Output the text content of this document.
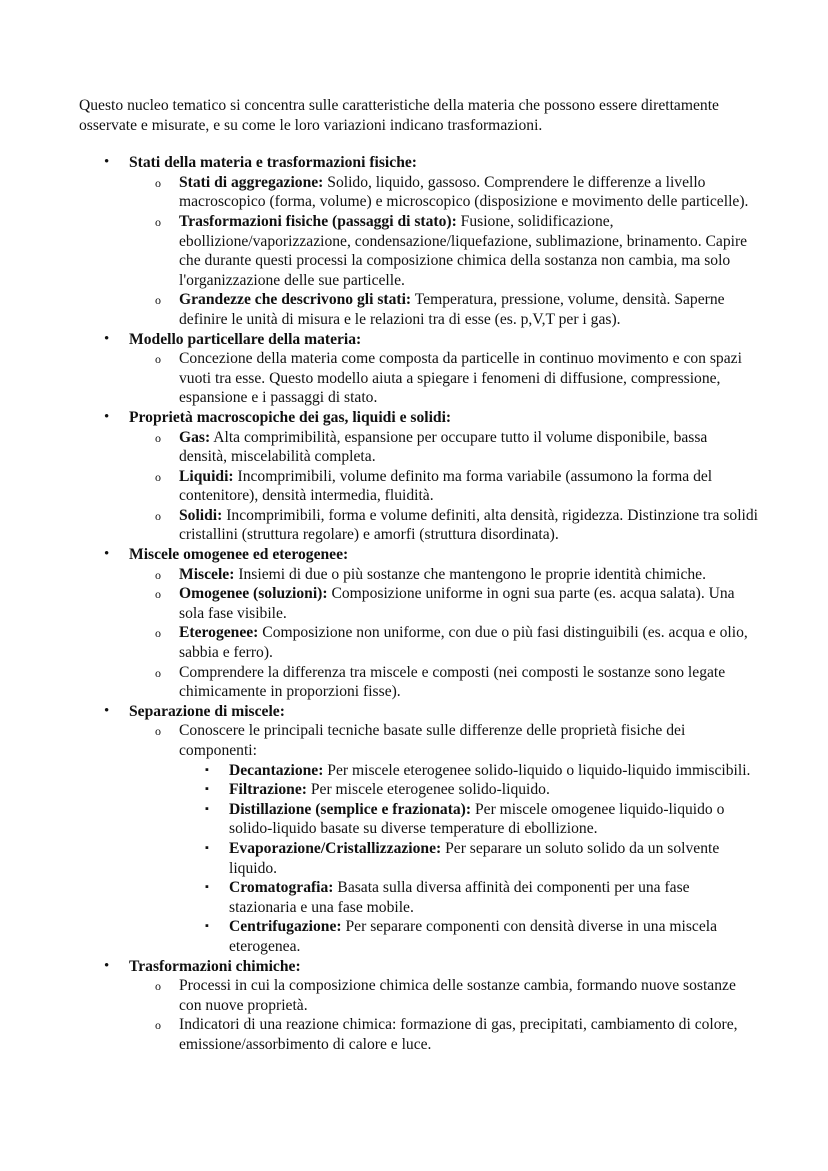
Questo nucleo tematico si concentra sulle caratteristiche della materia che possono essere direttamente osservate e misurate, e su come le loro variazioni indicano trasformazioni.

• Stati della materia e trasformazioni fisiche:
o Stati di aggregazione: Solido, liquido, gassoso. Comprendere le differenze a livello macroscopico (forma, volume) e microscopico (disposizione e movimento delle particelle).
o Trasformazioni fisiche (passaggi di stato): Fusione, solidificazione, ebollizione/vaporizzazione, condensazione/liquefazione, sublimazione, brinamento. Capire che durante questi processi la composizione chimica della sostanza non cambia, ma solo l'organizzazione delle sue particelle.
o Grandezze che descrivono gli stati: Temperatura, pressione, volume, densità. Saperne definire le unità di misura e le relazioni tra di esse (es. p,V,T per i gas).
• Modello particellare della materia:
o Concezione della materia come composta da particelle in continuo movimento e con spazi vuoti tra esse. Questo modello aiuta a spiegare i fenomeni di diffusione, compressione, espansione e i passaggi di stato.
• Proprietà macroscopiche dei gas, liquidi e solidi:
o Gas: Alta comprimibilità, espansione per occupare tutto il volume disponibile, bassa densità, miscelabilità completa.
o Liquidi: Incomprimibili, volume definito ma forma variabile (assumono la forma del contenitore), densità intermedia, fluidità.
o Solidi: Incomprimibili, forma e volume definiti, alta densità, rigidezza. Distinzione tra solidi cristallini (struttura regolare) e amorfi (struttura disordinata).
• Miscele omogenee ed eterogenee:
o Miscele: Insiemi di due o più sostanze che mantengono le proprie identità chimiche.
o Omogenee (soluzioni): Composizione uniforme in ogni sua parte (es. acqua salata). Una sola fase visibile.
o Eterogenee: Composizione non uniforme, con due o più fasi distinguibili (es. acqua e olio, sabbia e ferro).
o Comprendere la differenza tra miscele e composti (nei composti le sostanze sono legate chimicamente in proporzioni fisse).
• Separazione di miscele:
o Conoscere le principali tecniche basate sulle differenze delle proprietà fisiche dei componenti:
▪ Decantazione: Per miscele eterogenee solido-liquido o liquido-liquido immiscibili.
▪ Filtrazione: Per miscele eterogenee solido-liquido.
▪ Distillazione (semplice e frazionata): Per miscele omogenee liquido-liquido o solido-liquido basate su diverse temperature di ebollizione.
▪ Evaporazione/Cristallizzazione: Per separare un soluto solido da un solvente liquido.
▪ Cromatografia: Basata sulla diversa affinità dei componenti per una fase stazionaria e una fase mobile.
▪ Centrifugazione: Per separare componenti con densità diverse in una miscela eterogenea.
• Trasformazioni chimiche:
o Processi in cui la composizione chimica delle sostanze cambia, formando nuove sostanze con nuove proprietà.
o Indicatori di una reazione chimica: formazione di gas, precipitati, cambiamento di colore, emissione/assorbimento di calore e luce.
